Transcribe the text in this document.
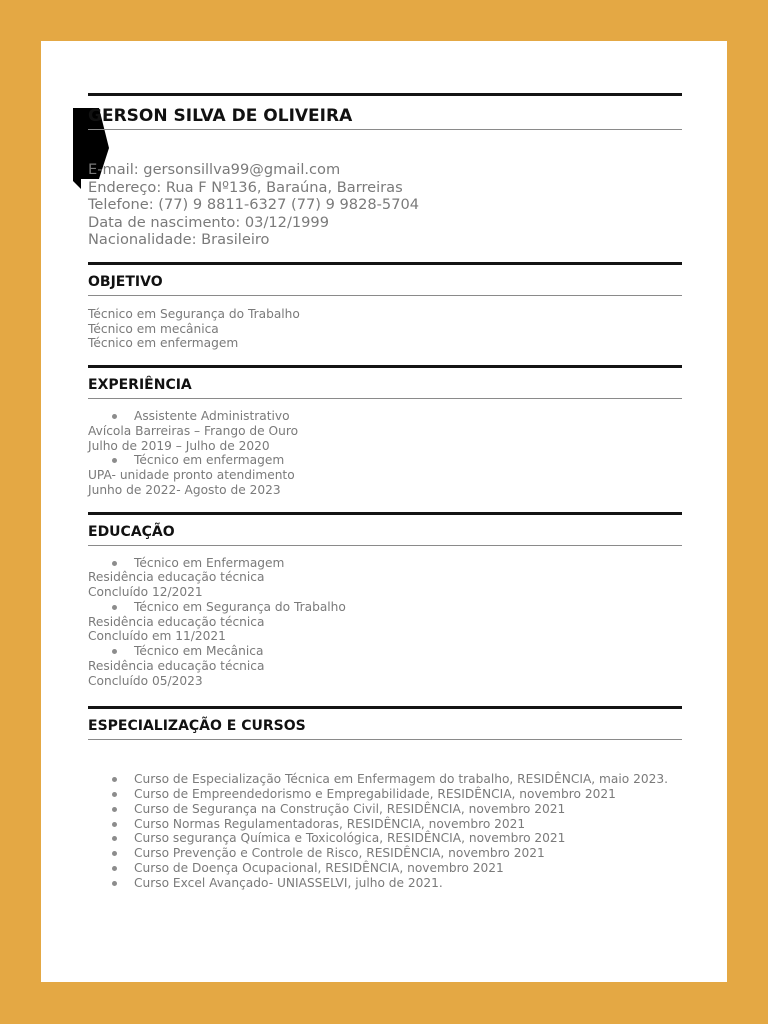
GERSON SILVA DE OLIVEIRA
E-mail: gersonsillva99@gmail.com
Endereço: Rua F Nº136, Baraúna, Barreiras
Telefone: (77) 9 8811-6327 (77) 9 9828-5704
Data de nascimento: 03/12/1999
Nacionalidade: Brasileiro
OBJETIVO
Técnico em Segurança do Trabalho
Técnico em mecânica
Técnico em enfermagem
EXPERIÊNCIA
Assistente Administrativo
Avícola Barreiras – Frango de Ouro
Julho de 2019 – Julho de 2020
Técnico em enfermagem
UPA- unidade pronto atendimento
Junho de 2022- Agosto de 2023
EDUCAÇÃO
Técnico em Enfermagem
Residência educação técnica
Concluído 12/2021
Técnico em Segurança do Trabalho
Residência educação técnica
Concluído em 11/2021
Técnico em Mecânica
Residência educação técnica
Concluído 05/2023
ESPECIALIZAÇÃO E CURSOS
Curso de Especialização Técnica em Enfermagem do trabalho, RESIDÊNCIA, maio 2023.
Curso de Empreendedorismo e Empregabilidade, RESIDÊNCIA, novembro 2021
Curso de Segurança na Construção Civil, RESIDÊNCIA, novembro 2021
Curso Normas Regulamentadoras, RESIDÊNCIA, novembro 2021
Curso segurança Química e Toxicológica, RESIDÊNCIA, novembro 2021
Curso Prevenção e Controle de Risco, RESIDÊNCIA, novembro 2021
Curso de Doença Ocupacional, RESIDÊNCIA, novembro 2021
Curso Excel Avançado- UNIASSELVI, julho de 2021.
